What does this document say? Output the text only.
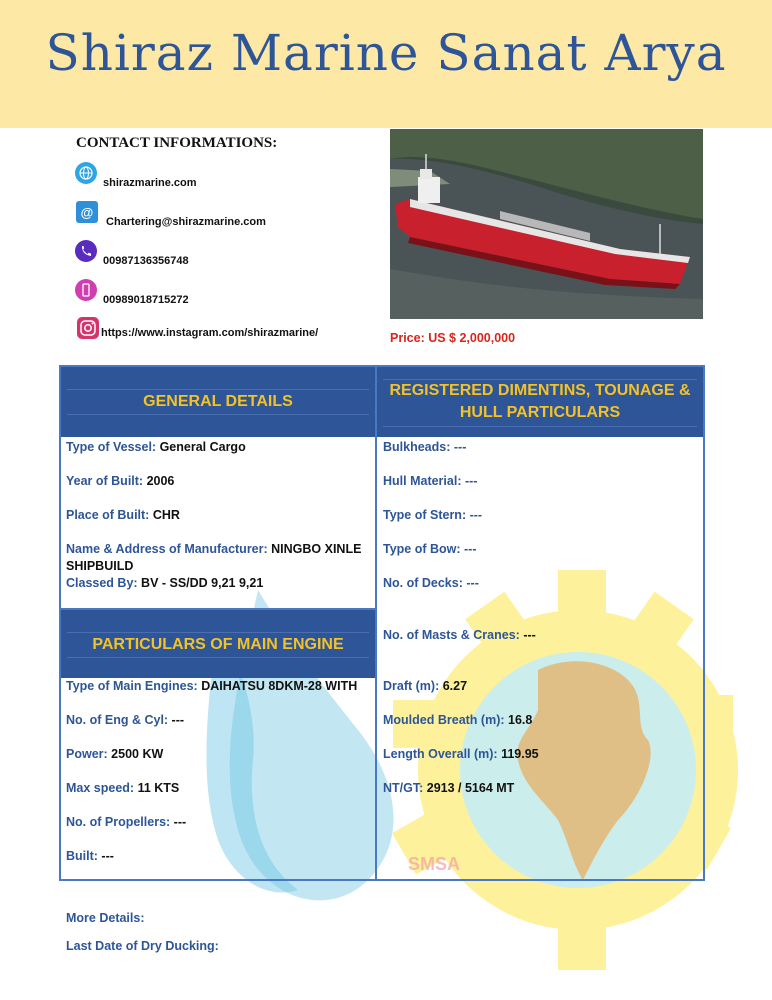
Shiraz Marine Sanat Arya
SMSA
CONTACT INFORMATIONS:
shirazmarine.com
@
Chartering@shirazmarine.com
00987136356748
00989018715272
https://www.instagram.com/shirazmarine/	Price: US $ 2,000,000
GENERAL DETAILS
REGISTERED DIMENTINS, TOUNAGE &
HULL PARTICULARS
Type of Vessel: General Cargo
Year of Built: 2006
Place of Built: CHR
Name & Address of Manufacturer: NINGBO XINLE SHIPBUILD
Classed By: BV - SS/DD 9,21 9,21
PARTICULARS OF MAIN ENGINE
Type of Main Engines: DAIHATSU 8DKM-28 WITH
No. of Eng & Cyl: ---
Power: 2500 KW
Max speed: 11 KTS
No. of Propellers: ---
Built: ---
Bulkheads: ---
Hull Material: ---
Type of Stern: ---
Type of Bow: ---
No. of Decks: ---
No. of Masts & Cranes: ---
Draft (m): 6.27
Moulded Breath (m): 16.8
Length Overall (m): 119.95
NT/GT: 2913 / 5164 MT
More Details:
Last Date of Dry Ducking:
